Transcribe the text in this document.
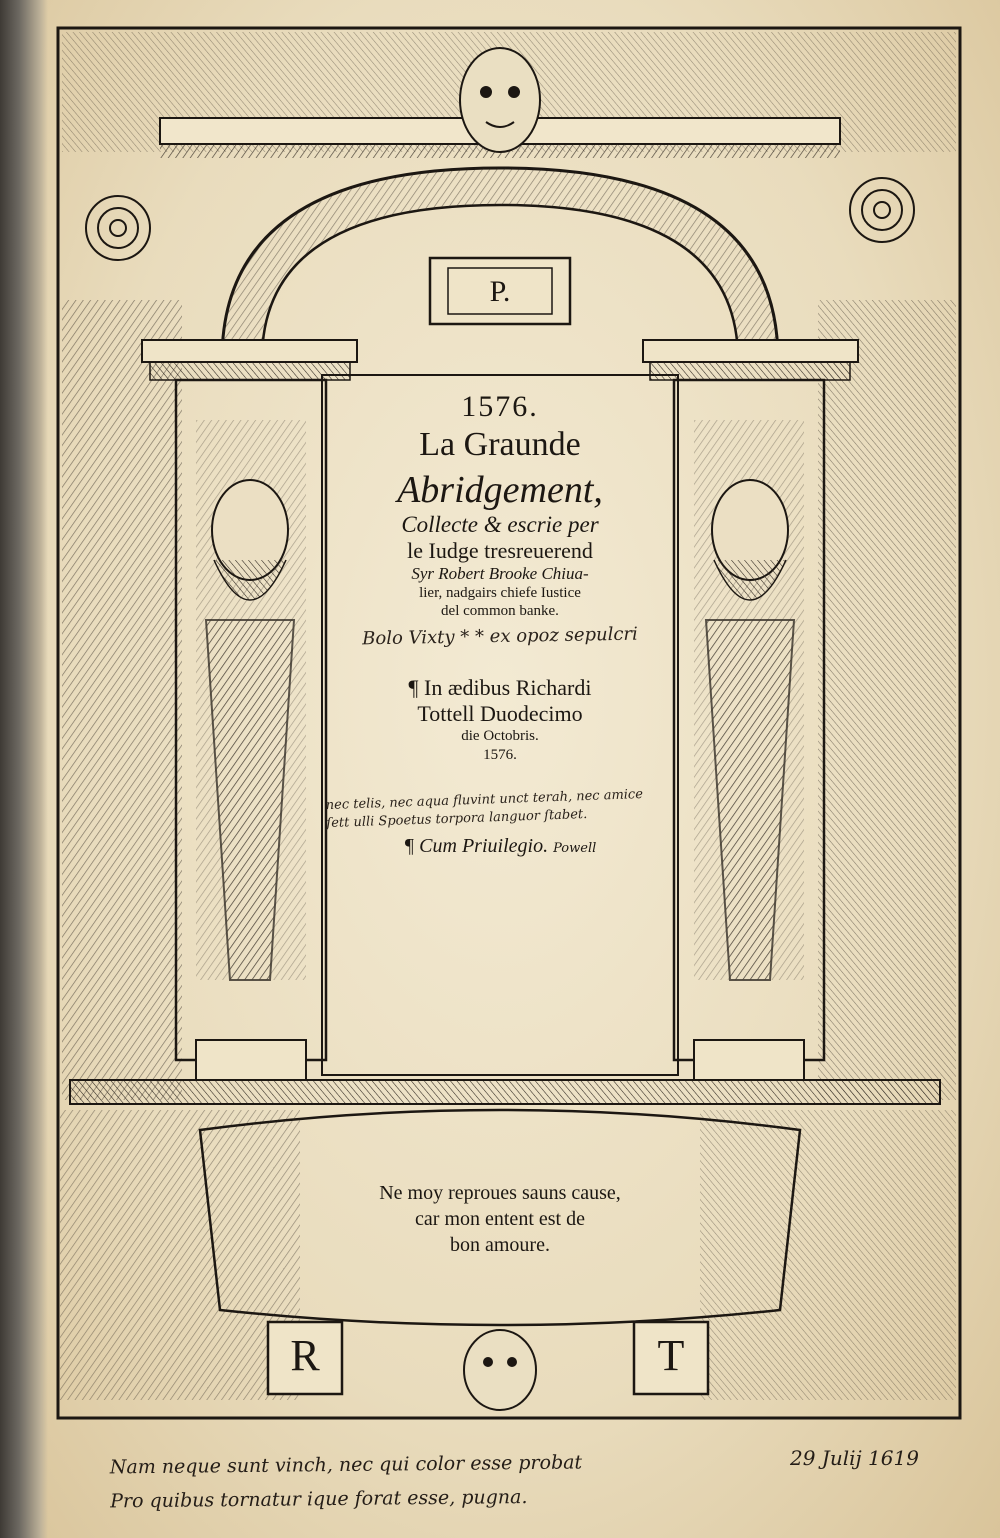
P.
1576.
La Graunde
Abridgement,
Collecte & escrie per
le Iudge tresreuerend
Syr Robert Brooke Chiua-
lier, nadgairs chiefe Iustice
del common banke.
Bolo Vixty * * ex opoz sepulcri
¶ In ædibus Richardi
Tottell Duodecimo
die Octobris.
1576.
nec telis, nec aqua fluvint unct terah, nec amice
ſett ulli Spoetus torpora languor ſtabet.
¶ Cum Priuilegio. Powell
Ne moy reproues sauns cause,
car mon entent est de
bon amoure.
R	T
Nam neque sunt vinch, nec qui color esse probat
Pro quibus tornatur ique forat esse, pugna.
29 Julij 1619
